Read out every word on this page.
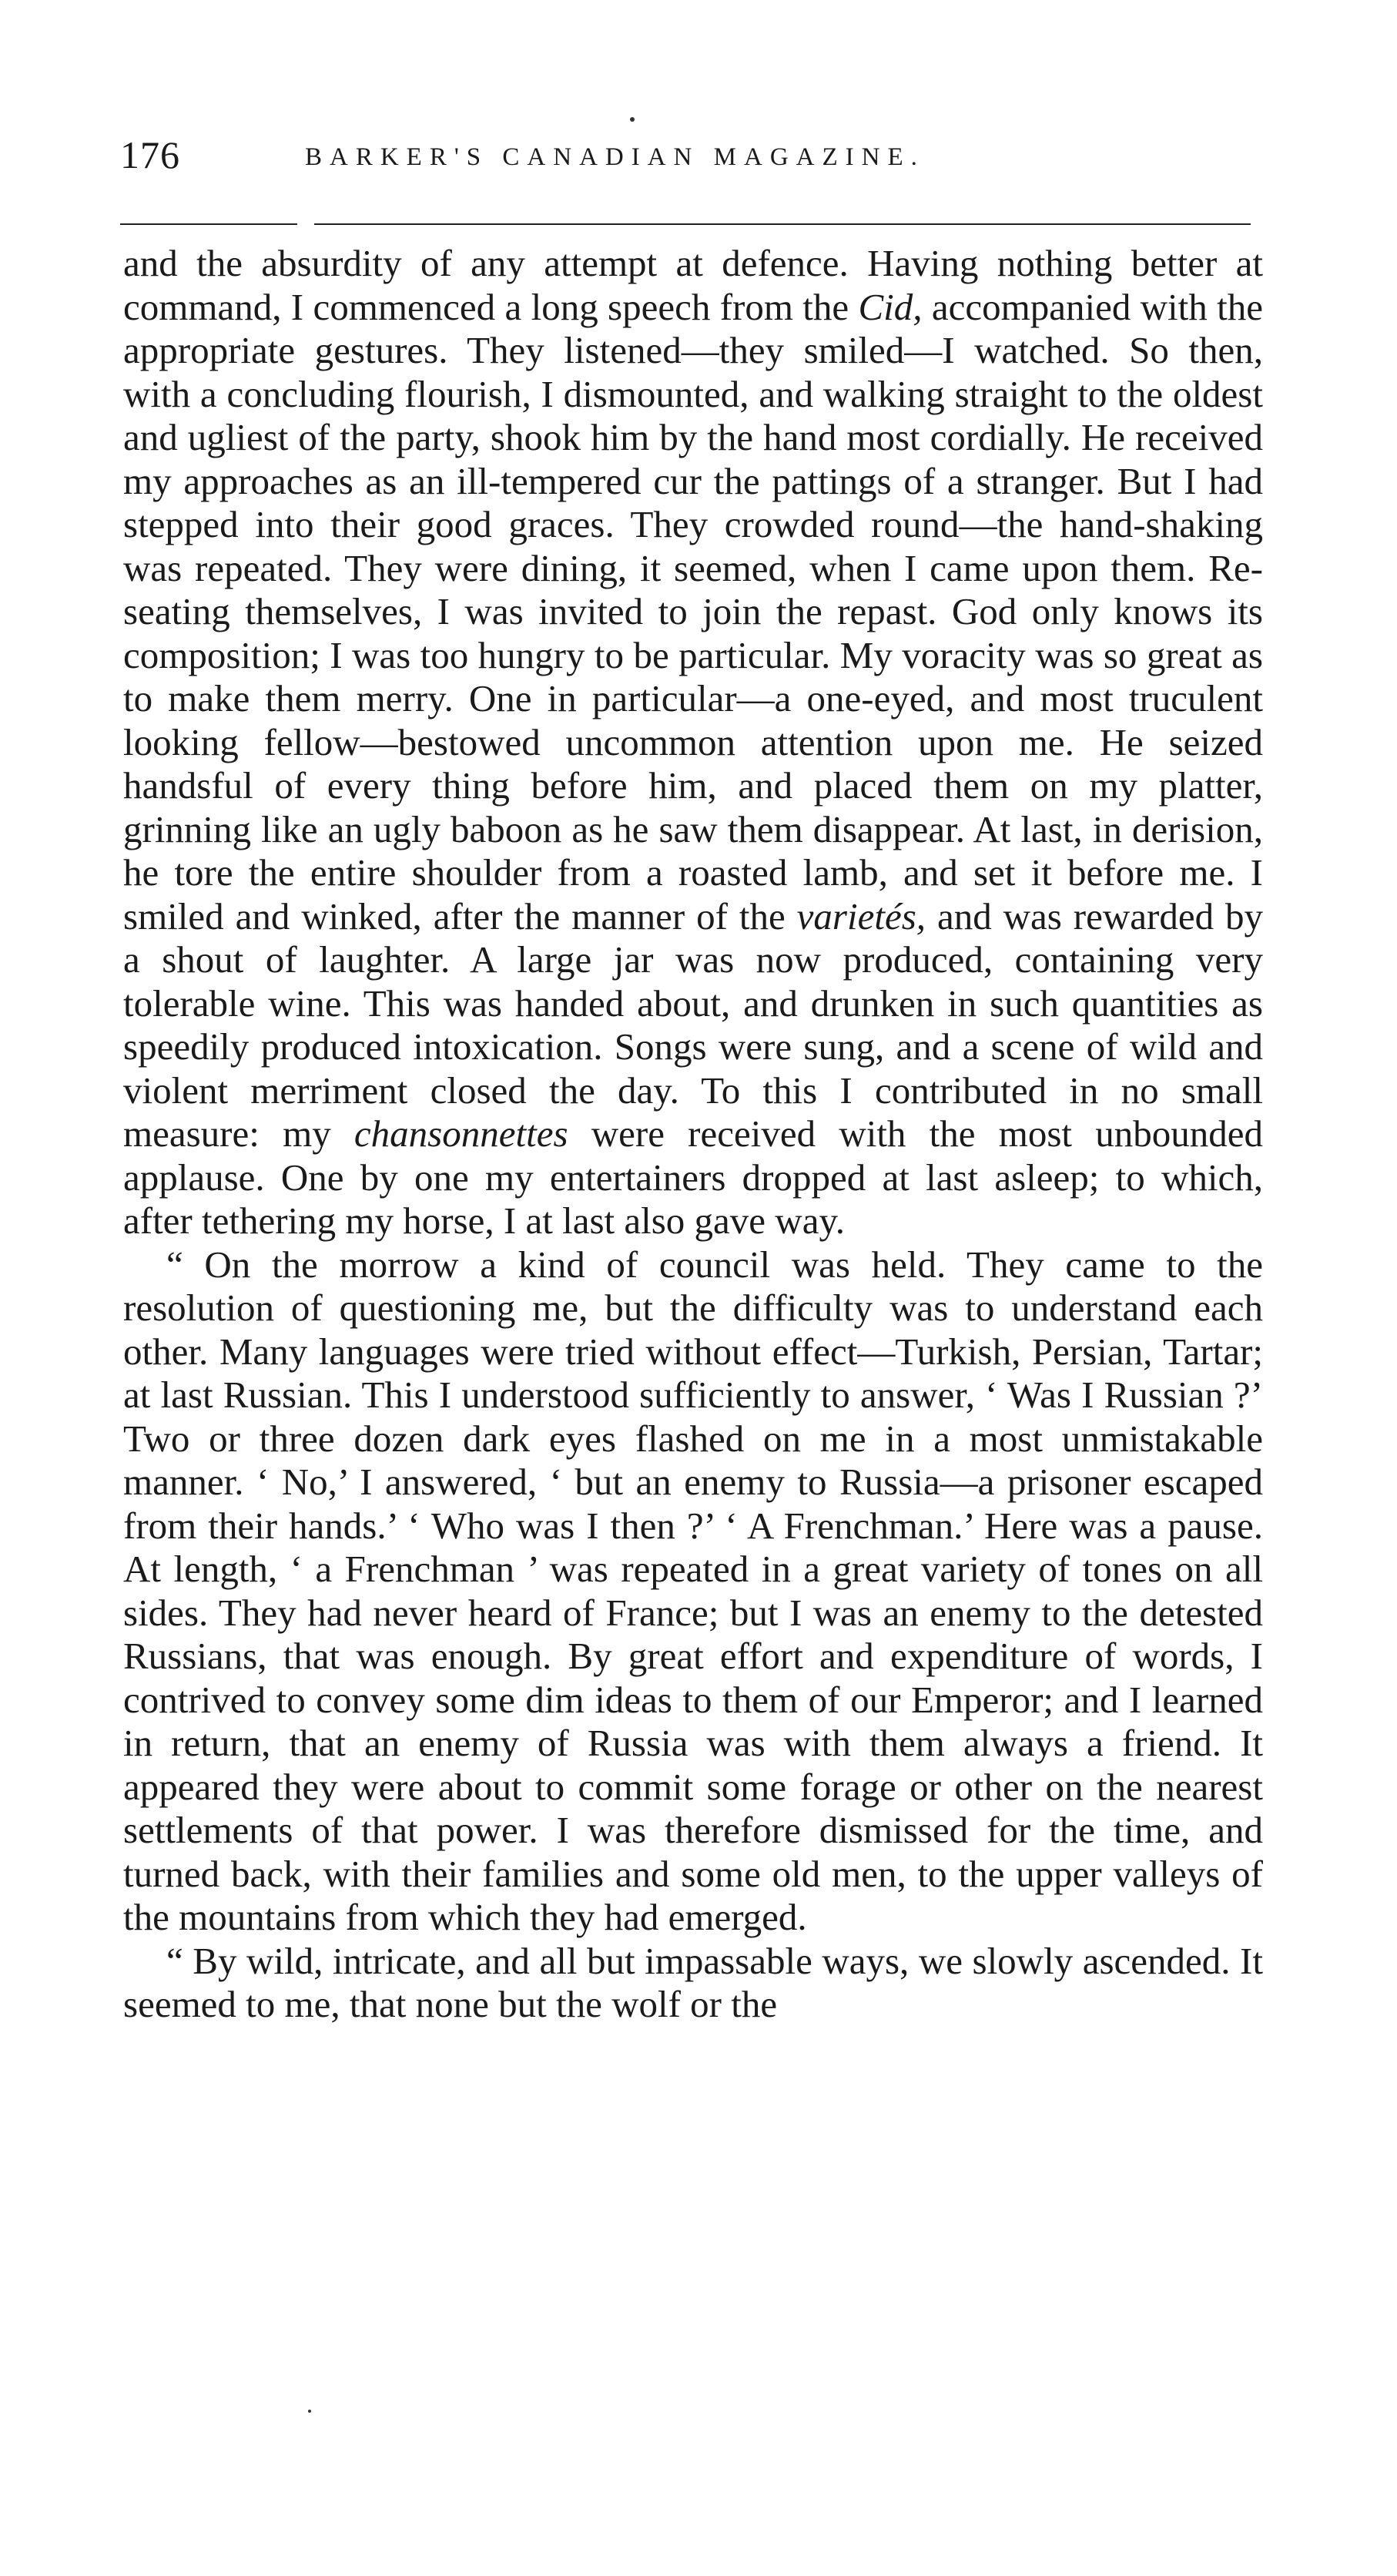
176	BARKER'S CANADIAN MAGAZINE.

and the absurdity of any attempt at defence. Having nothing better at command, I commenced a long speech from the Cid, accompanied with the appropriate gestures. They listened—they smiled—I watched. So then, with a concluding flourish, I dismounted, and walking straight to the oldest and ugliest of the party, shook him by the hand most cordially. He received my approaches as an ill-tempered cur the pattings of a stranger. But I had stepped into their good graces. They crowded round—the hand-shaking was repeated. They were dining, it seemed, when I came upon them. Re-seating themselves, I was invited to join the repast. God only knows its composition; I was too hungry to be particular. My voracity was so great as to make them merry. One in particular—a one-eyed, and most truculent looking fellow—bestowed uncommon attention upon me. He seized handsful of every thing before him, and placed them on my platter, grinning like an ugly baboon as he saw them disappear. At last, in derision, he tore the entire shoulder from a roasted lamb, and set it before me. I smiled and winked, after the manner of the varietés, and was rewarded by a shout of laughter. A large jar was now produced, containing very tolerable wine. This was handed about, and drunken in such quantities as speedily produced intoxication. Songs were sung, and a scene of wild and violent merriment closed the day. To this I contributed in no small measure: my chansonnettes were received with the most unbounded applause. One by one my entertainers dropped at last asleep; to which, after tethering my horse, I at last also gave way.

“ On the morrow a kind of council was held. They came to the resolution of questioning me, but the difficulty was to understand each other. Many languages were tried without effect—Turkish, Persian, Tartar; at last Russian. This I understood sufficiently to answer, ‘ Was I Russian ?’ Two or three dozen dark eyes flashed on me in a most unmistakable manner. ‘ No,’ I answered, ‘ but an enemy to Russia—a prisoner escaped from their hands.’ ‘ Who was I then ?’ ‘ A Frenchman.’ Here was a pause. At length, ‘ a Frenchman ’ was repeated in a great variety of tones on all sides. They had never heard of France; but I was an enemy to the detested Russians, that was enough. By great effort and expenditure of words, I contrived to convey some dim ideas to them of our Emperor; and I learned in return, that an enemy of Russia was with them always a friend. It appeared they were about to commit some forage or other on the nearest settlements of that power. I was therefore dismissed for the time, and turned back, with their families and some old men, to the upper valleys of the mountains from which they had emerged.

“ By wild, intricate, and all but impassable ways, we slowly ascended. It seemed to me, that none but the wolf or the
